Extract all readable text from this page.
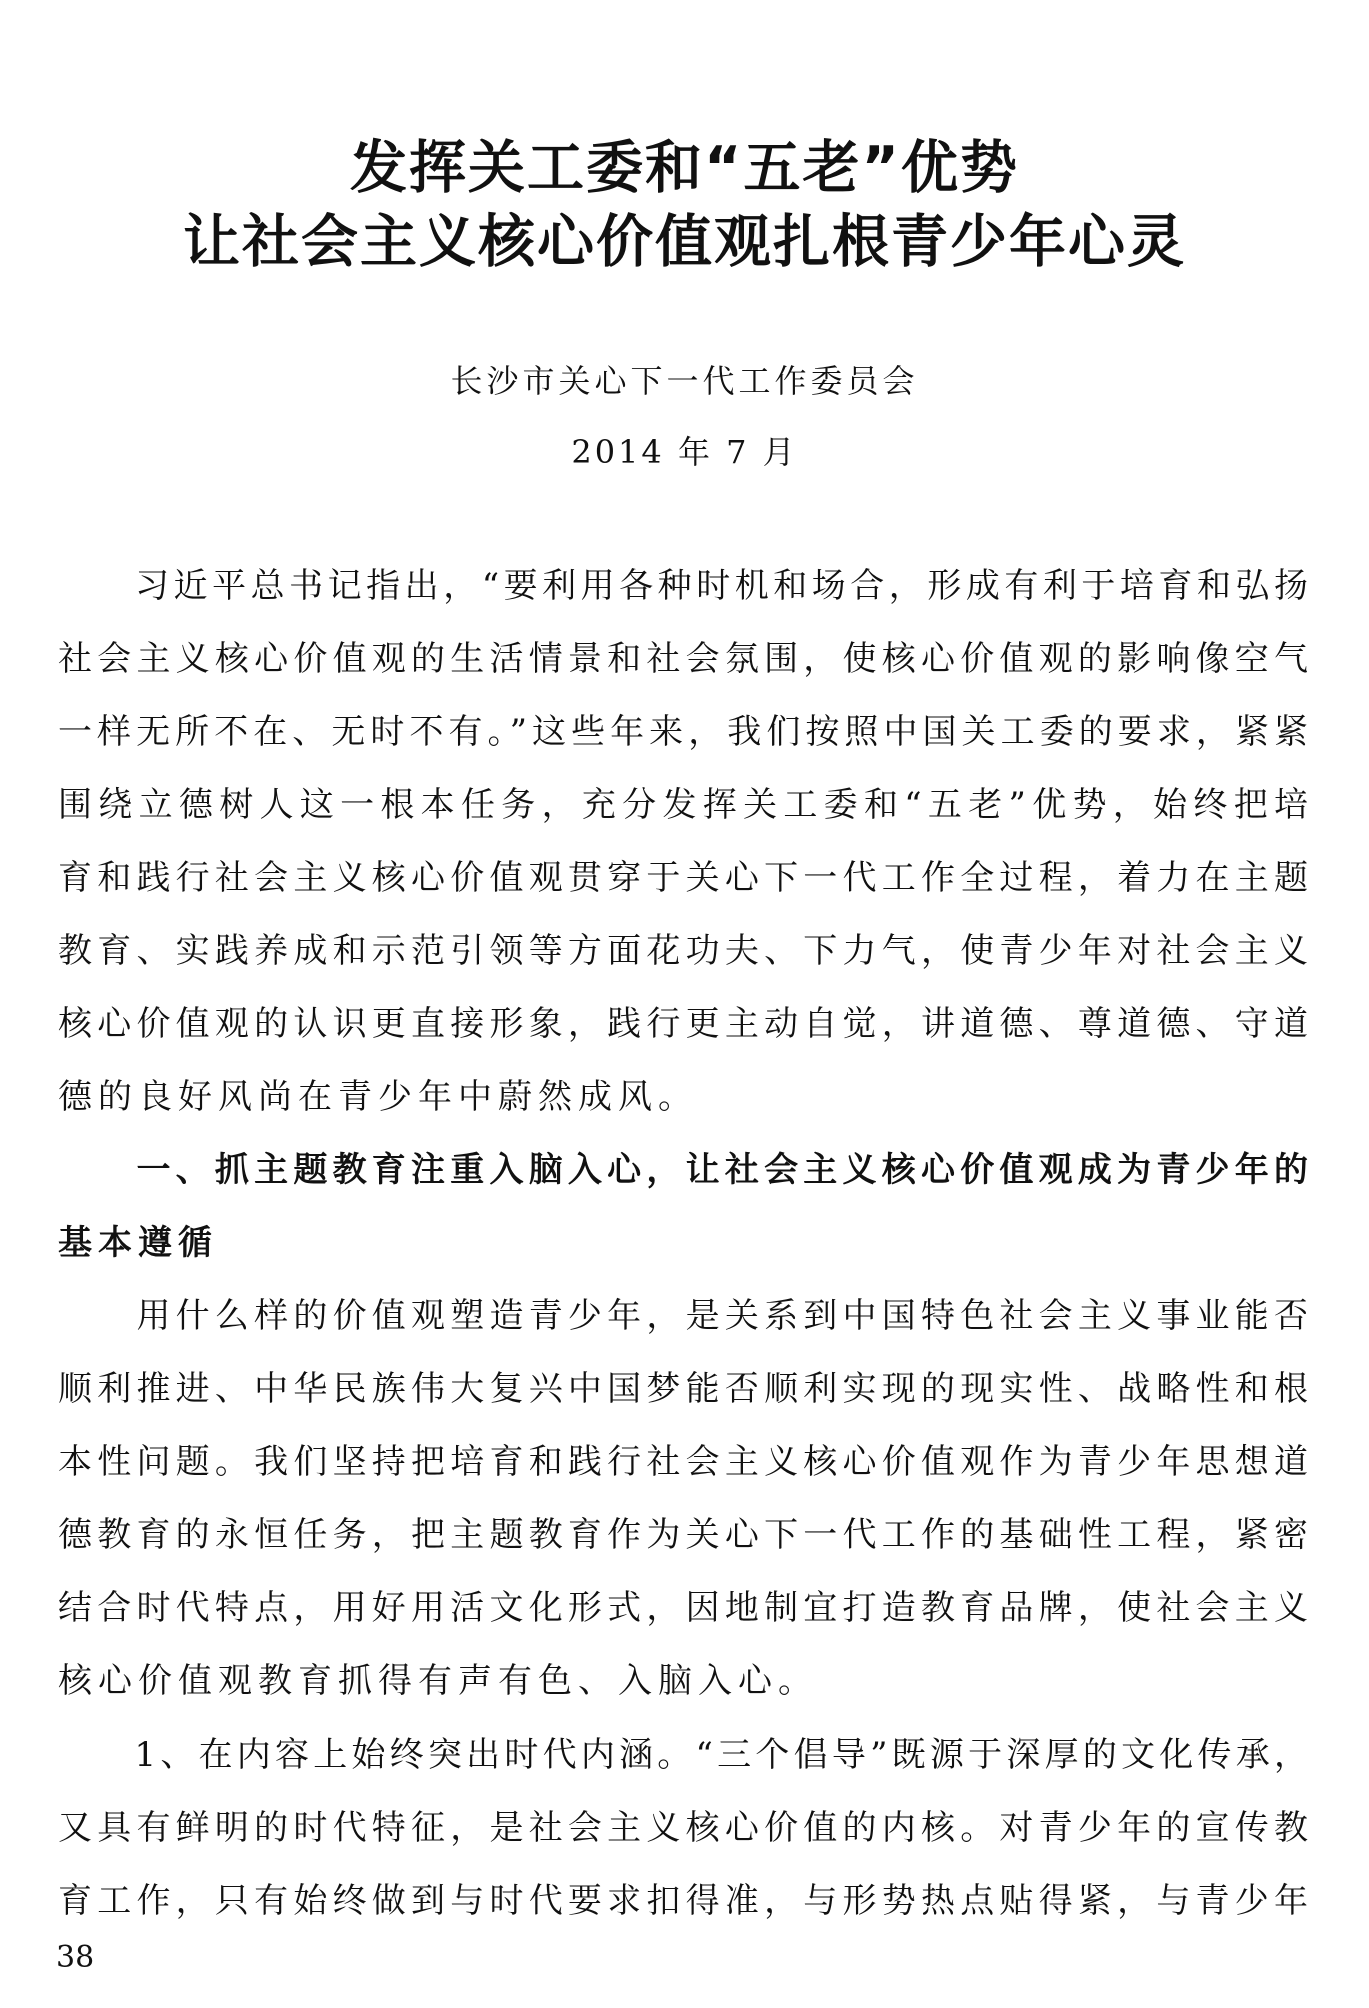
发挥关工委和“五老”优势
让社会主义核心价值观扎根青少年心灵
长沙市关心下一代工作委员会
2014 年 7 月
　　习近平总书记指出，“要利用各种时机和场合，形成有利于培育和弘扬
社会主义核心价值观的生活情景和社会氛围，使核心价值观的影响像空气
一样无所不在、无时不有。”这些年来，我们按照中国关工委的要求，紧紧
围绕立德树人这一根本任务，充分发挥关工委和“五老”优势，始终把培
育和践行社会主义核心价值观贯穿于关心下一代工作全过程，着力在主题
教育、实践养成和示范引领等方面花功夫、下力气，使青少年对社会主义
核心价值观的认识更直接形象，践行更主动自觉，讲道德、尊道德、守道
德的良好风尚在青少年中蔚然成风。
　　一、抓主题教育注重入脑入心，让社会主义核心价值观成为青少年的
基本遵循
　　用什么样的价值观塑造青少年，是关系到中国特色社会主义事业能否
顺利推进、中华民族伟大复兴中国梦能否顺利实现的现实性、战略性和根
本性问题。我们坚持把培育和践行社会主义核心价值观作为青少年思想道
德教育的永恒任务，把主题教育作为关心下一代工作的基础性工程，紧密
结合时代特点，用好用活文化形式，因地制宜打造教育品牌，使社会主义
核心价值观教育抓得有声有色、入脑入心。
　　1、在内容上始终突出时代内涵。“三个倡导”既源于深厚的文化传承，
又具有鲜明的时代特征，是社会主义核心价值的内核。对青少年的宣传教
育工作，只有始终做到与时代要求扣得准，与形势热点贴得紧，与青少年
38
